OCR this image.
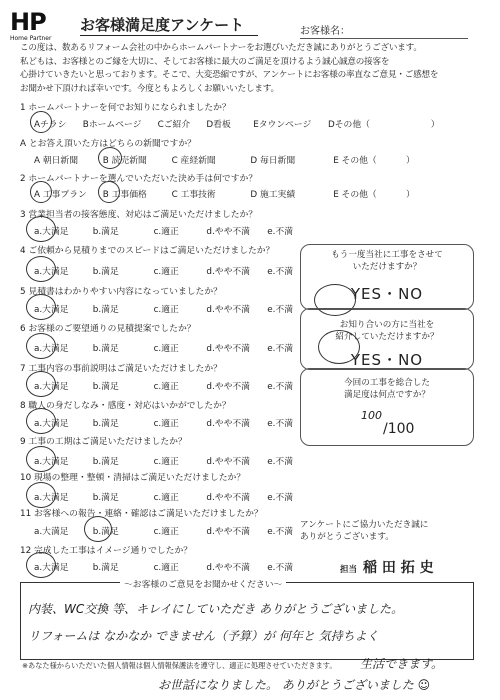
HP
Home Partner
お客様満足度アンケート	お客様名：
この度は、数あるリフォーム会社の中からホームパートナーをお選びいただき誠にありがとうございます。
私どもは、お客様とのご縁を大切に、そしてお客様に最大のご満足を頂けるよう誠心誠意の接客を
心掛けていきたいと思っております。そこで、大変恐縮ですが、アンケートにお客様の率直なご意見・ご感想を
お聞かせ下頂ければ幸いです。今度ともよろしくお願いいたします。
1 ホームパートナーを何でお知りになられましたか？
Aチラシ Bホームページ Cご紹介 D看板	Eタウンページ Dその他（	）
A とお答え頂いた方はどちらの新聞ですか？
A 朝日新聞	B 読売新聞	C 産経新聞	D 毎日新聞	E その他（	）
2 ホームパートナーを選んでいただいた決め手は何ですか？
A 工事プラン B 工事価格	C 工事技術	D 施工実績	E その他（	）
3 営業担当者の接客態度、対応はご満足いただけましたか？
a.大満足	b.満足	c.適正	d.やや不満 e.不満
4 ご依頼から見積りまでのスピードはご満足いただけましたか？
a.大満足	b.満足	c.適正	d.やや不満 e.不満
5 見積書はわかりやすい内容になっていましたか？
a.大満足	b.満足	c.適正	d.やや不満 e.不満
6 お客様のご要望通りの見積提案でしたか？
a.大満足	b.満足	c.適正	d.やや不満 e.不満
7 工事内容の事前説明はご満足いただけましたか？
a.大満足	b.満足	c.適正	d.やや不満 e.不満
8 職人の身だしなみ・感度・対応はいかがでしたか？
a.大満足	b.満足	c.適正	d.やや不満 e.不満
9 工事の工期はご満足いただけましたか？
a.大満足	b.満足	c.適正	d.やや不満 e.不満
10 現場の整理・整頓・清掃はご満足いただけましたか？
a.大満足	b.満足	c.適正	d.やや不満 e.不満
11 お客様への報告・連絡・確認はご満足いただけましたか？
a.大満足	b.満足	c.適正	d.やや不満 e.不満
12 完成した工事はイメージ通りでしたか？
a.大満足	b.満足	c.適正	d.やや不満 e.不満
もう一度当社に工事をさせて
いただけますか？
YES・NO
お知り合いの方に当社を
紹介していただけますか？
YES・NO
今回の工事を総合した
満足度は何点ですか？
100
/100
アンケートにご協力いただき誠に
ありがとうございます。
担当 稲 田 拓 史
～お客様のご意見をお聞かせください～
内装、WC交換 等、キレイにしていただき ありがとうございました。
リフォームは なかなか できません（予算）が 何年と 気持ちよく
※あなた様からいただいた個人情報は個人情報保護法を遵守し、適正に処理させていただきます。 生活できます。
お世話になりました。 ありがとうございました ☺
